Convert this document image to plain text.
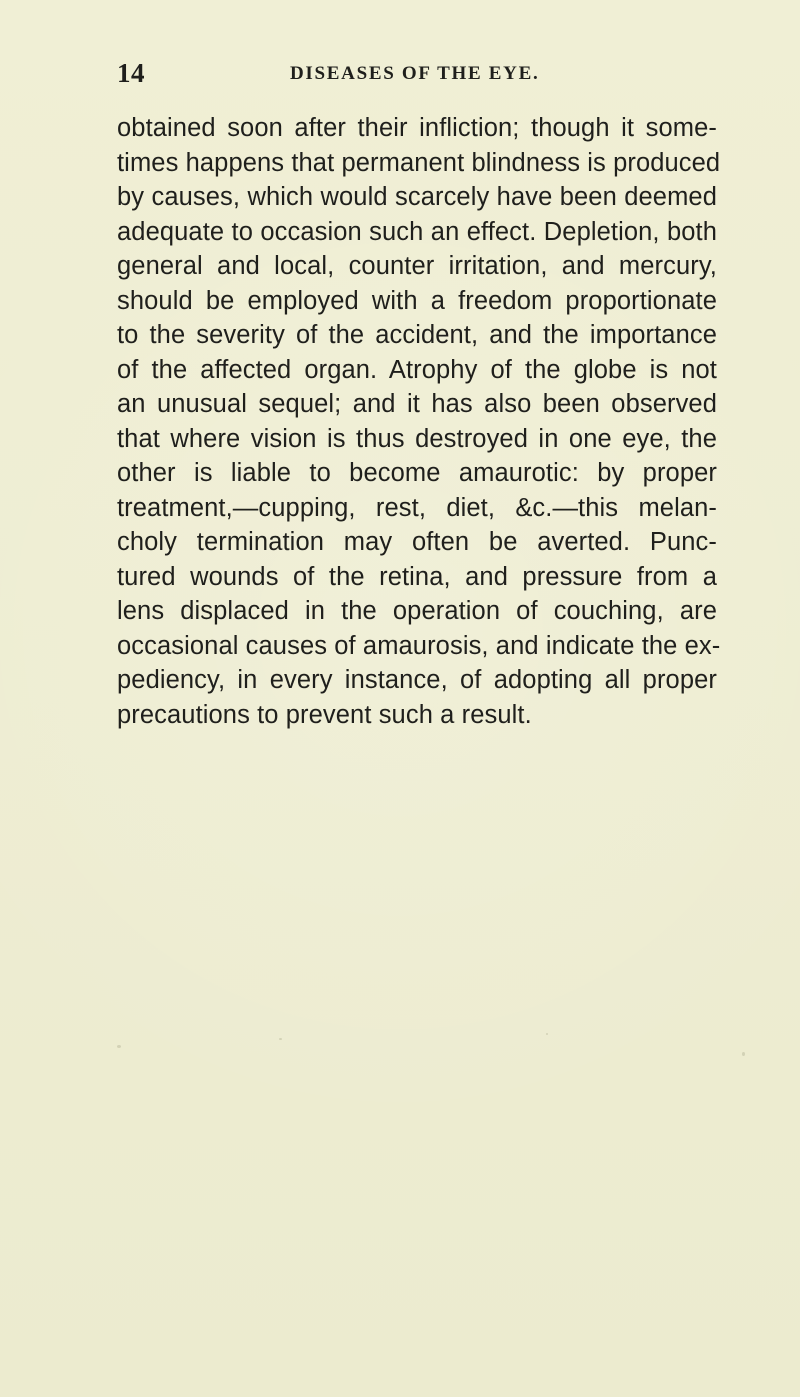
14	DISEASES OF THE EYE.
obtained soon after their infliction; though it some-
times happens that permanent blindness is produced
by causes, which would scarcely have been deemed
adequate to occasion such an effect. Depletion, both
general and local, counter irritation, and mercury,
should be employed with a freedom proportionate
to the severity of the accident, and the importance
of the affected organ. Atrophy of the globe is not
an unusual sequel; and it has also been observed
that where vision is thus destroyed in one eye, the
other is liable to become amaurotic: by proper
treatment,—cupping, rest, diet, &c.—this melan-
choly termination may often be averted. Punc-
tured wounds of the retina, and pressure from a
lens displaced in the operation of couching, are
occasional causes of amaurosis, and indicate the ex-
pediency, in every instance, of adopting all proper
precautions to prevent such a result.
